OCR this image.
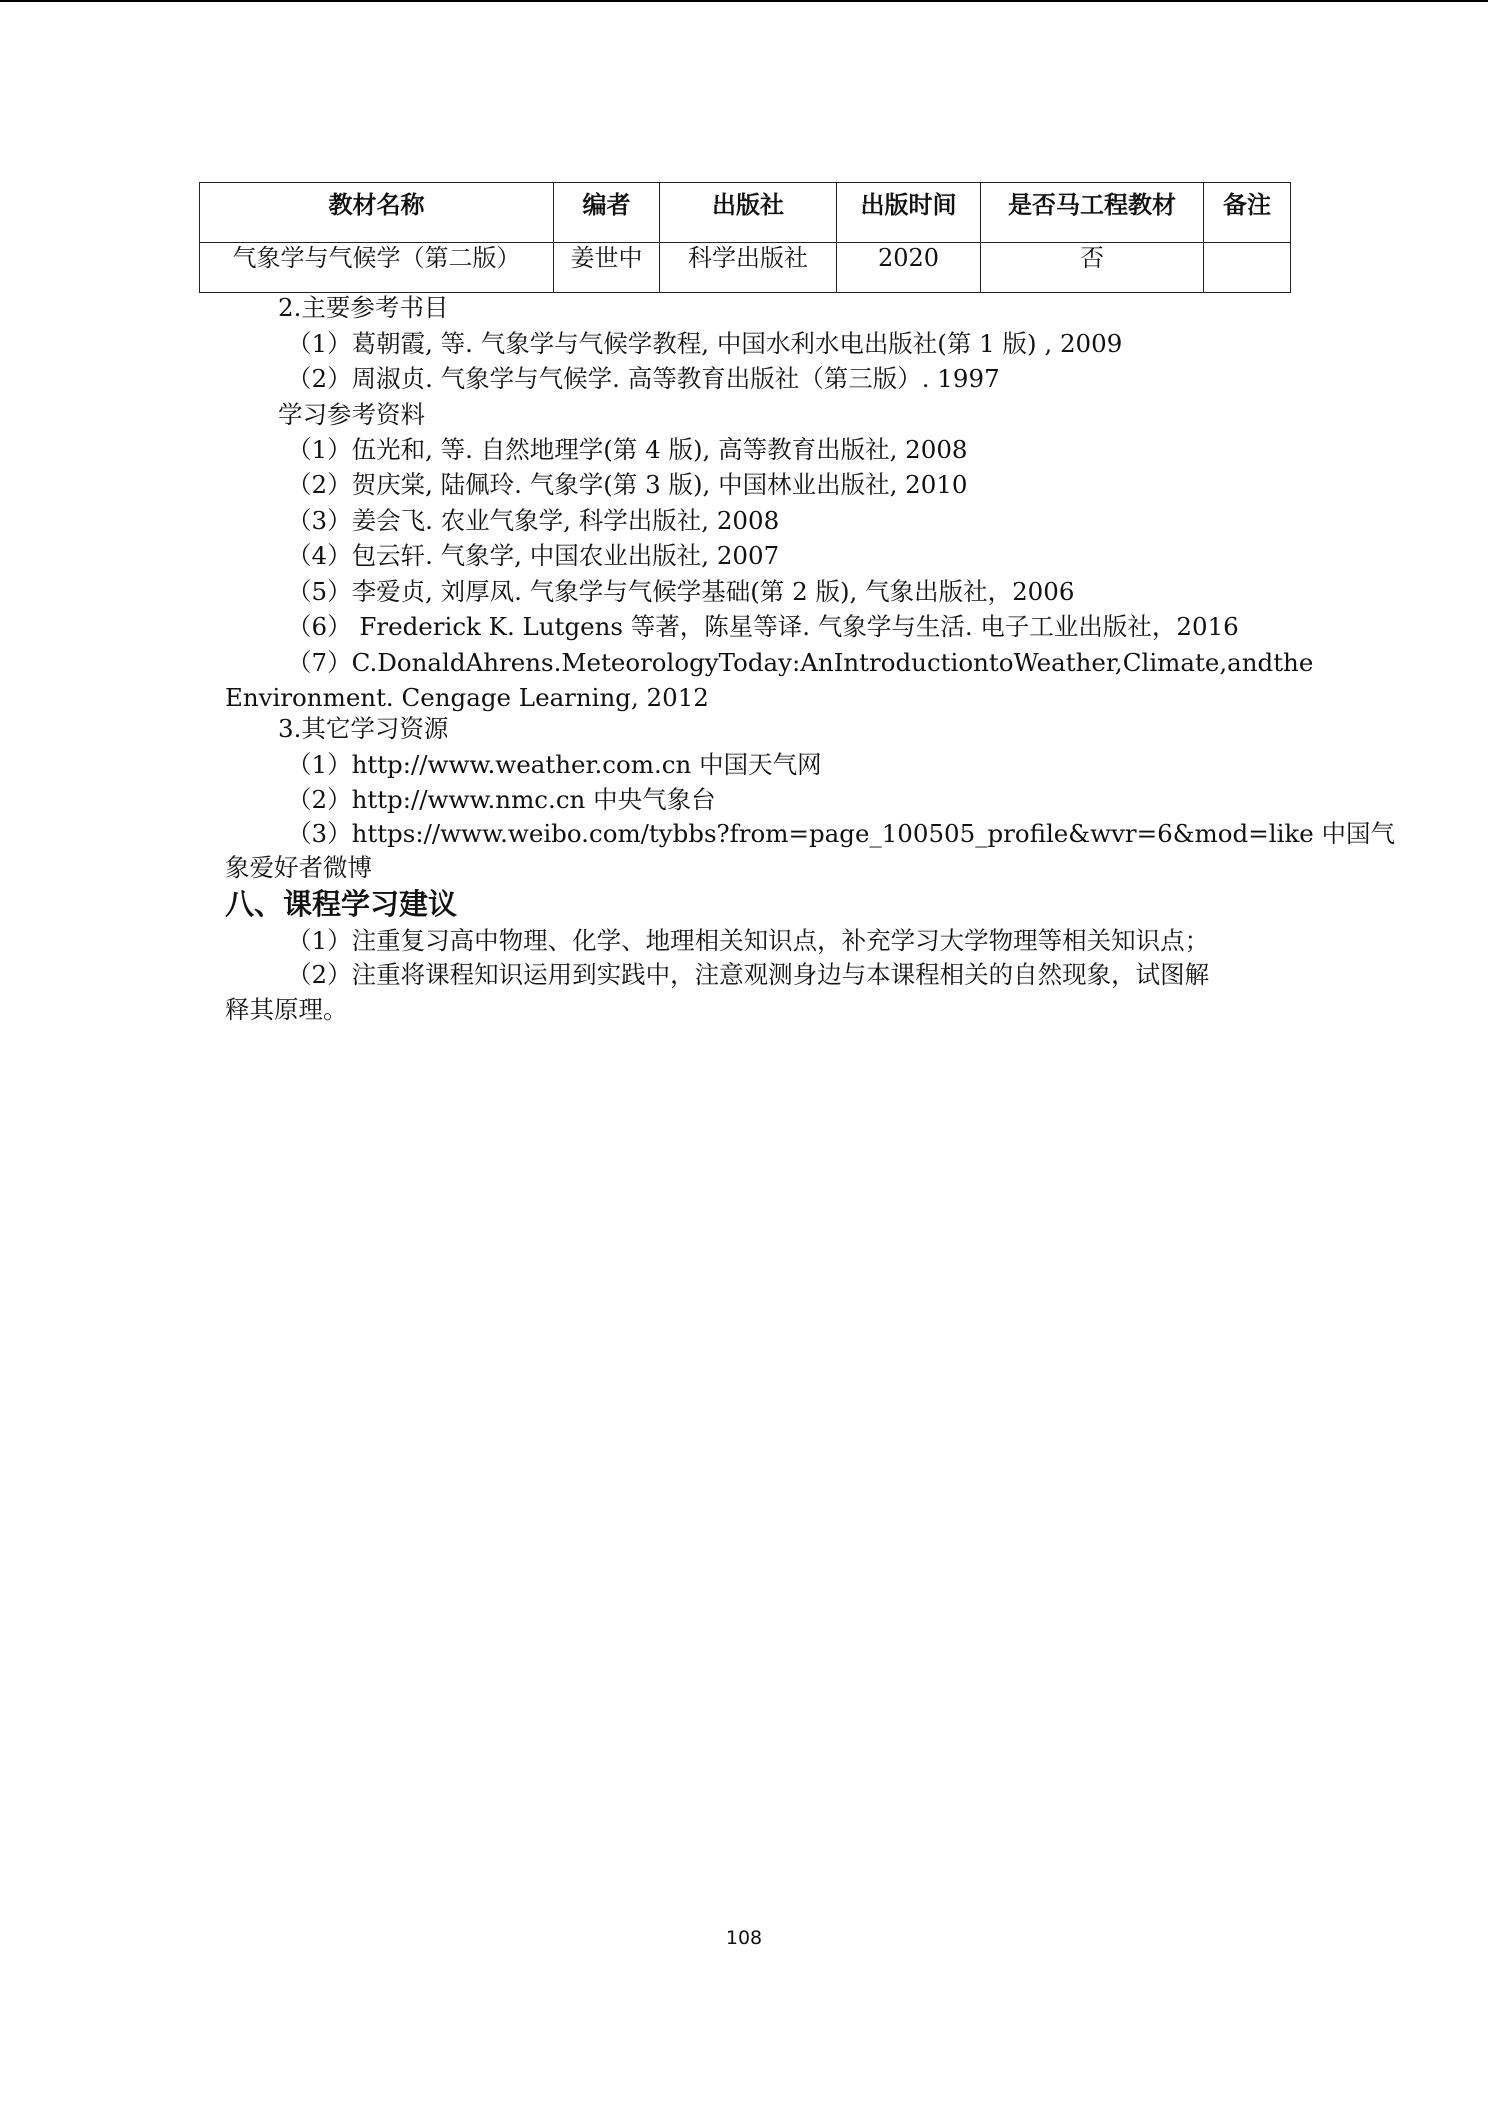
教材名称	编者	出版社	出版时间	是否马工程教材	备注
气象学与气候学（第二版）	姜世中	科学出版社	2020	否	
2.主要参考书目
（1）葛朝霞, 等. 气象学与气候学教程, 中国水利水电出版社(第 1 版) , 2009
（2）周淑贞. 气象学与气候学. 高等教育出版社（第三版）. 1997
学习参考资料
（1）伍光和, 等. 自然地理学(第 4 版), 高等教育出版社, 2008
（2）贺庆棠, 陆佩玲. 气象学(第 3 版), 中国林业出版社, 2010
（3）姜会飞. 农业气象学, 科学出版社, 2008
（4）包云轩. 气象学, 中国农业出版社, 2007
（5）李爱贞, 刘厚凤. 气象学与气候学基础(第 2 版), 气象出版社，2006
（6） Frederick K. Lutgens 等著，陈星等译. 气象学与生活. 电子工业出版社，2016
（7）C. Donald Ahrens. Meteorology Today: An Introduction to Weather, Climate, and the
Environment. Cengage Learning, 2012
3.其它学习资源
（1）http://www.weather.com.cn 中国天气网
（2）http://www.nmc.cn 中央气象台
（3）https://www.weibo.com/tybbs?from=page_100505_profile&wvr=6&mod=like 中国气
象爱好者微博
八、课程学习建议
（1）注重复习高中物理、化学、地理相关知识点，补充学习大学物理等相关知识点；
（2）注重将课程知识运用到实践中，注意观测身边与本课程相关的自然现象，试图解
释其原理。
108
